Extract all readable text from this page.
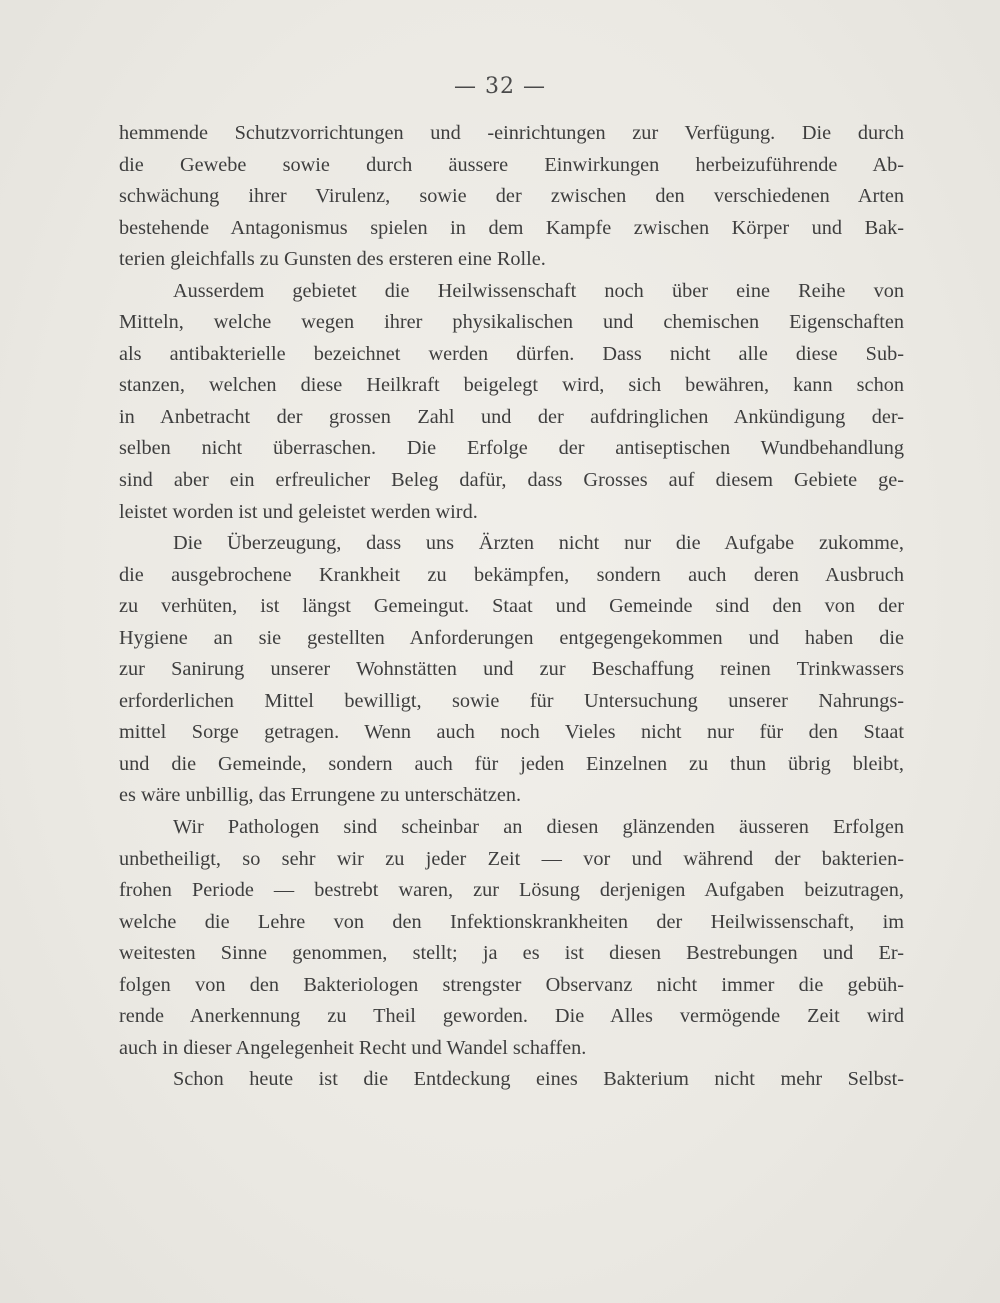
— 32 —
hemmende Schutzvorrichtungen und -einrichtungen zur Verfügung. Die durch
die Gewebe sowie durch äussere Einwirkungen herbeizuführende Ab-
schwächung ihrer Virulenz, sowie der zwischen den verschiedenen Arten
bestehende Antagonismus spielen in dem Kampfe zwischen Körper und Bak-
terien gleichfalls zu Gunsten des ersteren eine Rolle.
Ausserdem gebietet die Heilwissenschaft noch über eine Reihe von
Mitteln, welche wegen ihrer physikalischen und chemischen Eigenschaften
als antibakterielle bezeichnet werden dürfen. Dass nicht alle diese Sub-
stanzen, welchen diese Heilkraft beigelegt wird, sich bewähren, kann schon
in Anbetracht der grossen Zahl und der aufdringlichen Ankündigung der-
selben nicht überraschen. Die Erfolge der antiseptischen Wundbehandlung
sind aber ein erfreulicher Beleg dafür, dass Grosses auf diesem Gebiete ge-
leistet worden ist und geleistet werden wird.
Die Überzeugung, dass uns Ärzten nicht nur die Aufgabe zukomme,
die ausgebrochene Krankheit zu bekämpfen, sondern auch deren Ausbruch
zu verhüten, ist längst Gemeingut. Staat und Gemeinde sind den von der
Hygiene an sie gestellten Anforderungen entgegengekommen und haben die
zur Sanirung unserer Wohnstätten und zur Beschaffung reinen Trinkwassers
erforderlichen Mittel bewilligt, sowie für Untersuchung unserer Nahrungs-
mittel Sorge getragen. Wenn auch noch Vieles nicht nur für den Staat
und die Gemeinde, sondern auch für jeden Einzelnen zu thun übrig bleibt,
es wäre unbillig, das Errungene zu unterschätzen.
Wir Pathologen sind scheinbar an diesen glänzenden äusseren Erfolgen
unbetheiligt, so sehr wir zu jeder Zeit — vor und während der bakterien-
frohen Periode — bestrebt waren, zur Lösung derjenigen Aufgaben beizutragen,
welche die Lehre von den Infektionskrankheiten der Heilwissenschaft, im
weitesten Sinne genommen, stellt; ja es ist diesen Bestrebungen und Er-
folgen von den Bakteriologen strengster Observanz nicht immer die gebüh-
rende Anerkennung zu Theil geworden. Die Alles vermögende Zeit wird
auch in dieser Angelegenheit Recht und Wandel schaffen.
Schon heute ist die Entdeckung eines Bakterium nicht mehr Selbst-
